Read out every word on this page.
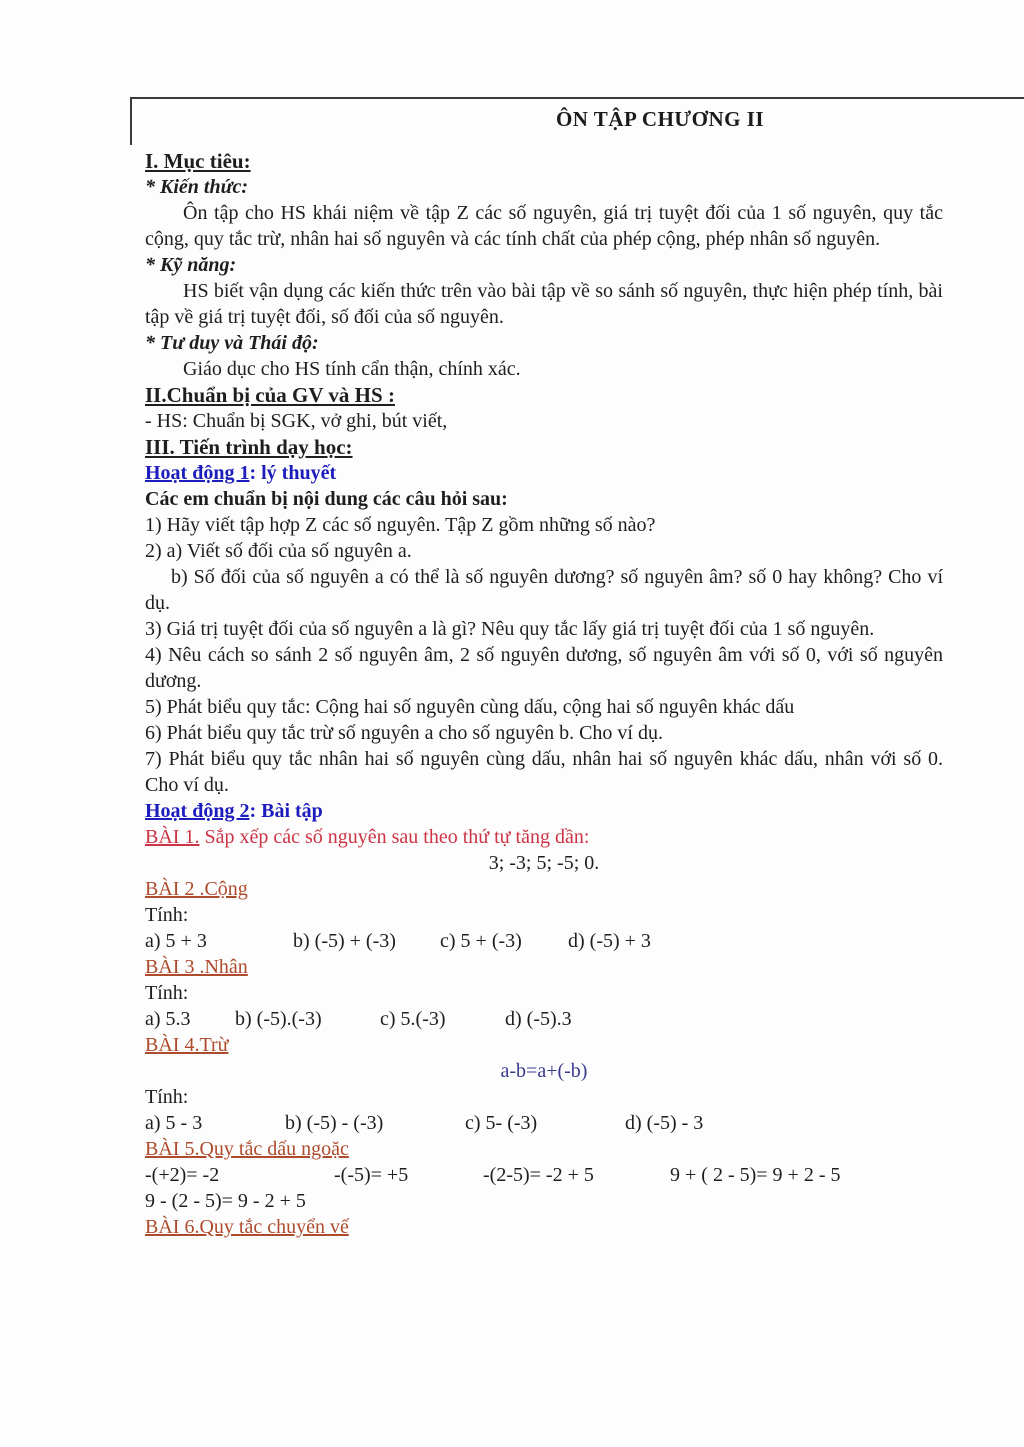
ÔN TẬP CHƯƠNG II

I. Mục tiêu:

* Kiến thức:

Ôn tập cho HS khái niệm về tập Z các số nguyên, giá trị tuyệt đối của 1 số nguyên, quy tắc cộng, quy tắc trừ, nhân hai số nguyên và các tính chất của phép cộng, phép nhân số nguyên.

* Kỹ năng:

HS biết vận dụng các kiến thức trên vào bài tập về so sánh số nguyên, thực hiện phép tính, bài tập về giá trị tuyệt đối, số đối của số nguyên.

* Tư duy và Thái độ:

Giáo dục cho HS tính cẩn thận, chính xác.

II.Chuẩn bị của GV và HS :

- HS: Chuẩn bị SGK, vở ghi, bút viết,

III. Tiến trình dạy học:

Hoạt động 1: lý thuyết

Các em chuẩn bị nội dung các câu hỏi sau:

1) Hãy viết tập hợp Z các số nguyên. Tập Z gồm những số nào?

2) a) Viết số đối của số nguyên a.

b) Số đối của số nguyên a có thể là số nguyên dương? số nguyên âm? số 0 hay không? Cho ví dụ.

3) Giá trị tuyệt đối của số nguyên a là gì? Nêu quy tắc lấy giá trị tuyệt đối của 1 số nguyên.

4) Nêu cách so sánh 2 số nguyên âm, 2 số nguyên dương, số nguyên âm với số 0, với số nguyên dương.

5) Phát biểu quy tắc: Cộng hai số nguyên cùng dấu, cộng hai số nguyên khác dấu

6) Phát biểu quy tắc trừ số nguyên a cho số nguyên b. Cho ví dụ.

7) Phát biểu quy tắc nhân hai số nguyên cùng dấu, nhân hai số nguyên khác dấu, nhân với số 0. Cho ví dụ.

Hoạt động 2: Bài tập

BÀI 1. Sắp xếp các số nguyên sau theo thứ tự tăng dần:

3; -3; 5; -5; 0.

BÀI 2 .Cộng

Tính:

a) 5 + 3	b) (-5) + (-3) c) 5 + (-3) d) (-5) + 3

BÀI 3 .Nhân

Tính:

a) 5.3 b) (-5).(-3)	c) 5.(-3)	d) (-5).3

BÀI 4.Trừ

a-b=a+(-b)

Tính:

a) 5 - 3	b) (-5) - (-3)	c) 5- (-3)	d) (-5) - 3

BÀI 5.Quy tắc dấu ngoặc

-(+2)= -2	-(-5)= +5	-(2-5)= -2 + 5	9 + ( 2 - 5)= 9 + 2 - 5

9 - (2 - 5)= 9 - 2 + 5

BÀI 6.Quy tắc chuyển vế
